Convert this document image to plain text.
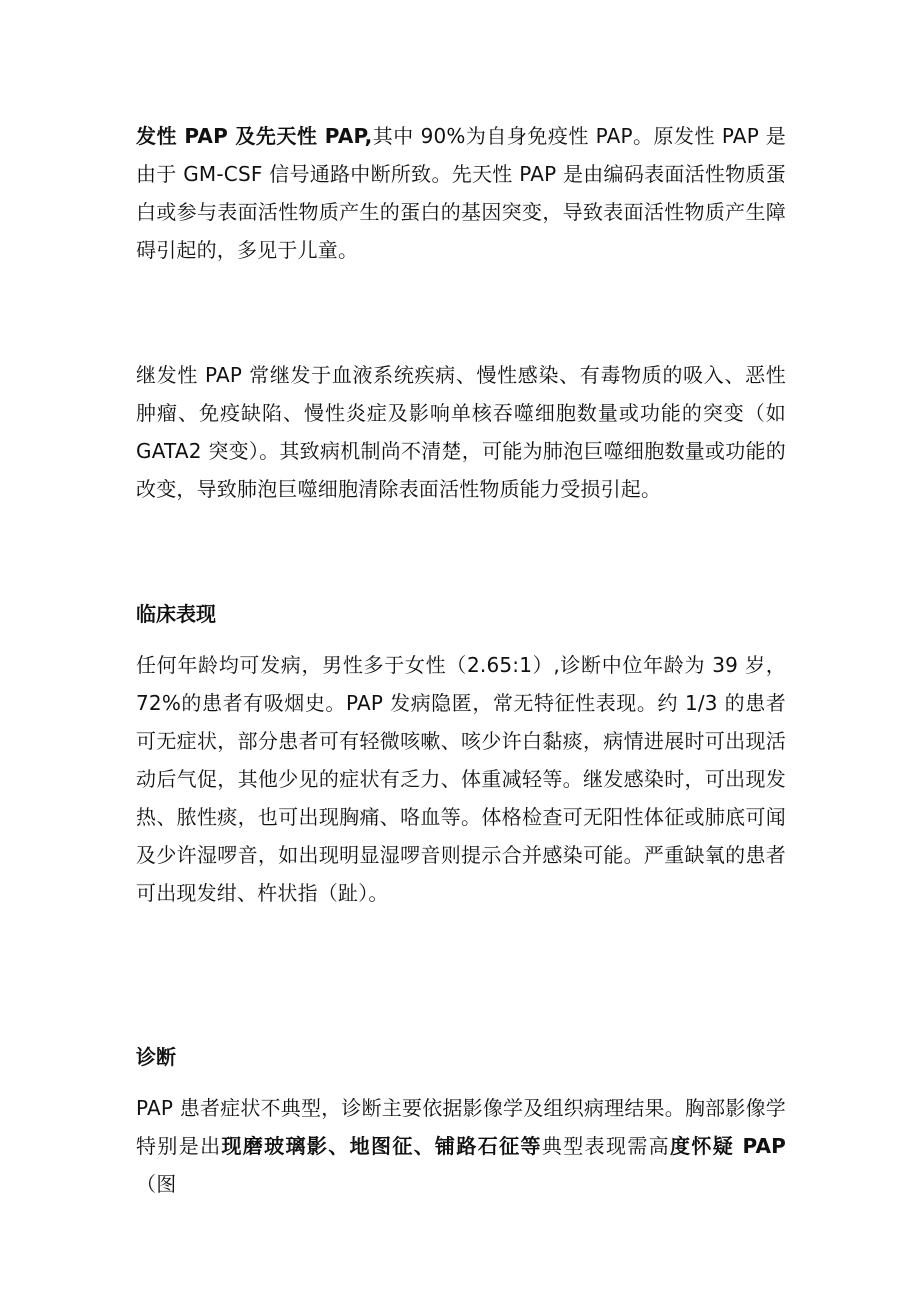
发性 PAP 及先天性 PAP,其中 90%为自身免疫性 PAP。原发性 PAP 是由于 GM-CSF 信号通路中断所致。先天性 PAP 是由编码表面活性物质蛋白或参与表面活性物质产生的蛋白的基因突变，导致表面活性物质产生障碍引起的，多见于儿童。

继发性 PAP 常继发于血液系统疾病、慢性感染、有毒物质的吸入、恶性肿瘤、免疫缺陷、慢性炎症及影响单核吞噬细胞数量或功能的突变（如 GATA2 突变）。其致病机制尚不清楚，可能为肺泡巨噬细胞数量或功能的改变，导致肺泡巨噬细胞清除表面活性物质能力受损引起。

临床表现

任何年龄均可发病，男性多于女性（2.65:1）,诊断中位年龄为 39 岁，72%的患者有吸烟史。PAP 发病隐匿，常无特征性表现。约 1/3 的患者可无症状，部分患者可有轻微咳嗽、咳少许白黏痰，病情进展时可出现活动后气促，其他少见的症状有乏力、体重减轻等。继发感染时，可出现发热、脓性痰，也可出现胸痛、咯血等。体格检查可无阳性体征或肺底可闻及少许湿啰音，如出现明显湿啰音则提示合并感染可能。严重缺氧的患者可出现发绀、杵状指（趾）。

诊断

PAP 患者症状不典型，诊断主要依据影像学及组织病理结果。胸部影像学特别是出现磨玻璃影、地图征、铺路石征等典型表现需高度怀疑 PAP（图
